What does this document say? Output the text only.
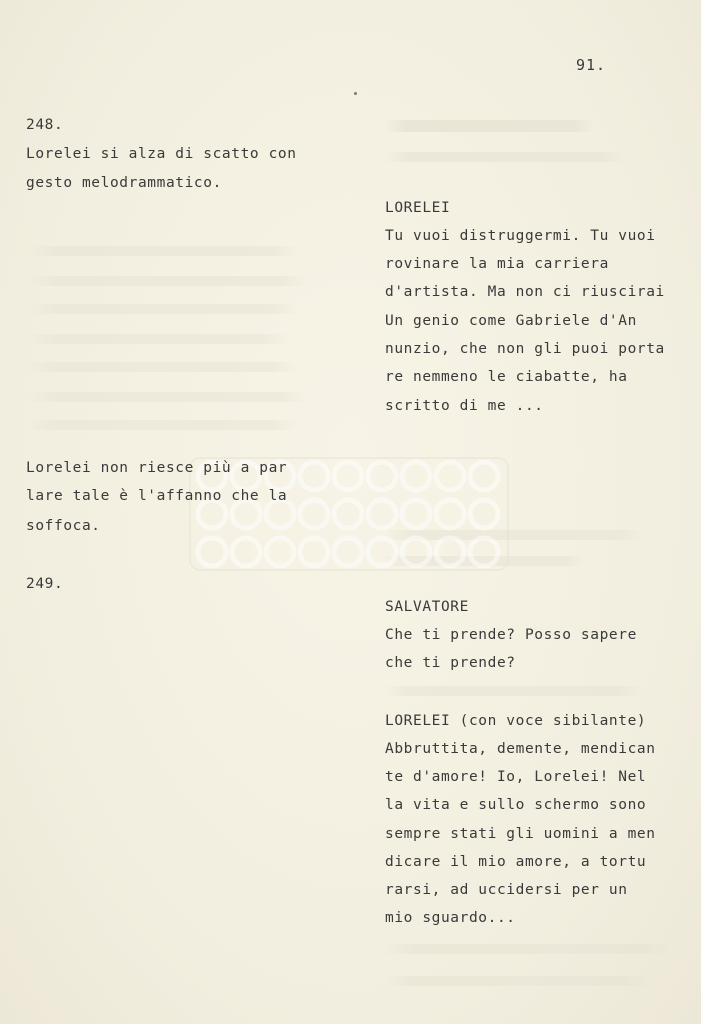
91.
248.
Lorelei si alza di scatto con
gesto melodrammatico.
Lorelei non riesce più a par
lare tale è l'affanno che la
soffoca.
249.
LORELEI
Tu vuoi distruggermi. Tu vuoi
rovinare la mia carriera
d'artista. Ma non ci riuscirai
Un genio come Gabriele d'An
nunzio, che non gli puoi porta
re nemmeno le ciabatte, ha
scritto di me ...
SALVATORE
Che ti prende? Posso sapere
che ti prende?
LORELEI (con voce sibilante)
Abbruttita, demente, mendican
te d'amore! Io, Lorelei! Nel
la vita e sullo schermo sono
sempre stati gli uomini a men
dicare il mio amore, a tortu
rarsi, ad uccidersi per un
mio sguardo...
